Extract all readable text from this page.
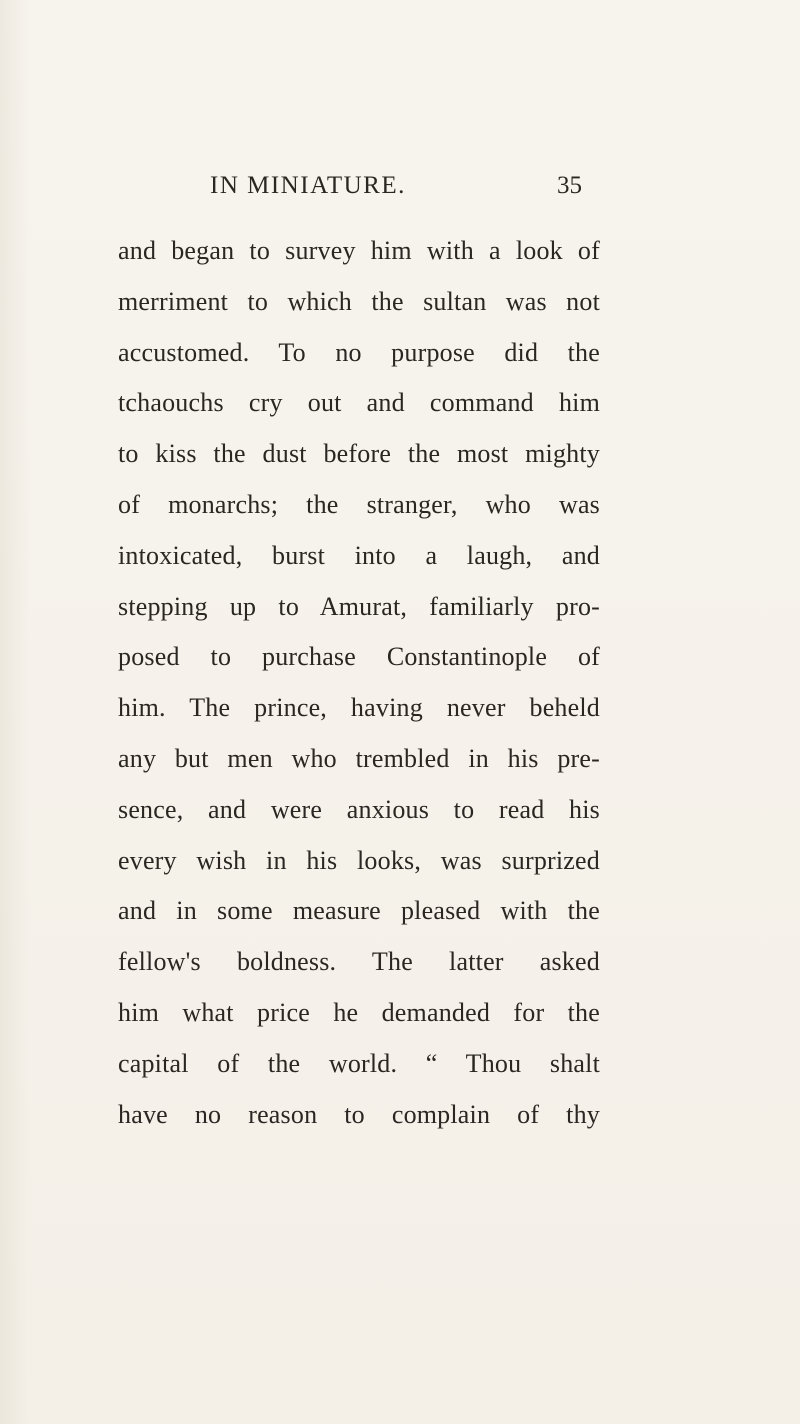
IN MINIATURE.	35
and began to survey him with a look of
merriment to which the sultan was not
accustomed. To no purpose did the
tchaouchs cry out and command him
to kiss the dust before the most mighty
of monarchs; the stranger, who was
intoxicated, burst into a laugh, and
stepping up to Amurat, familiarly pro-
posed to purchase Constantinople of
him. The prince, having never beheld
any but men who trembled in his pre-
sence, and were anxious to read his
every wish in his looks, was surprized
and in some measure pleased with the
fellow's boldness. The latter asked
him what price he demanded for the
capital of the world. “ Thou shalt
have no reason to complain of thy
